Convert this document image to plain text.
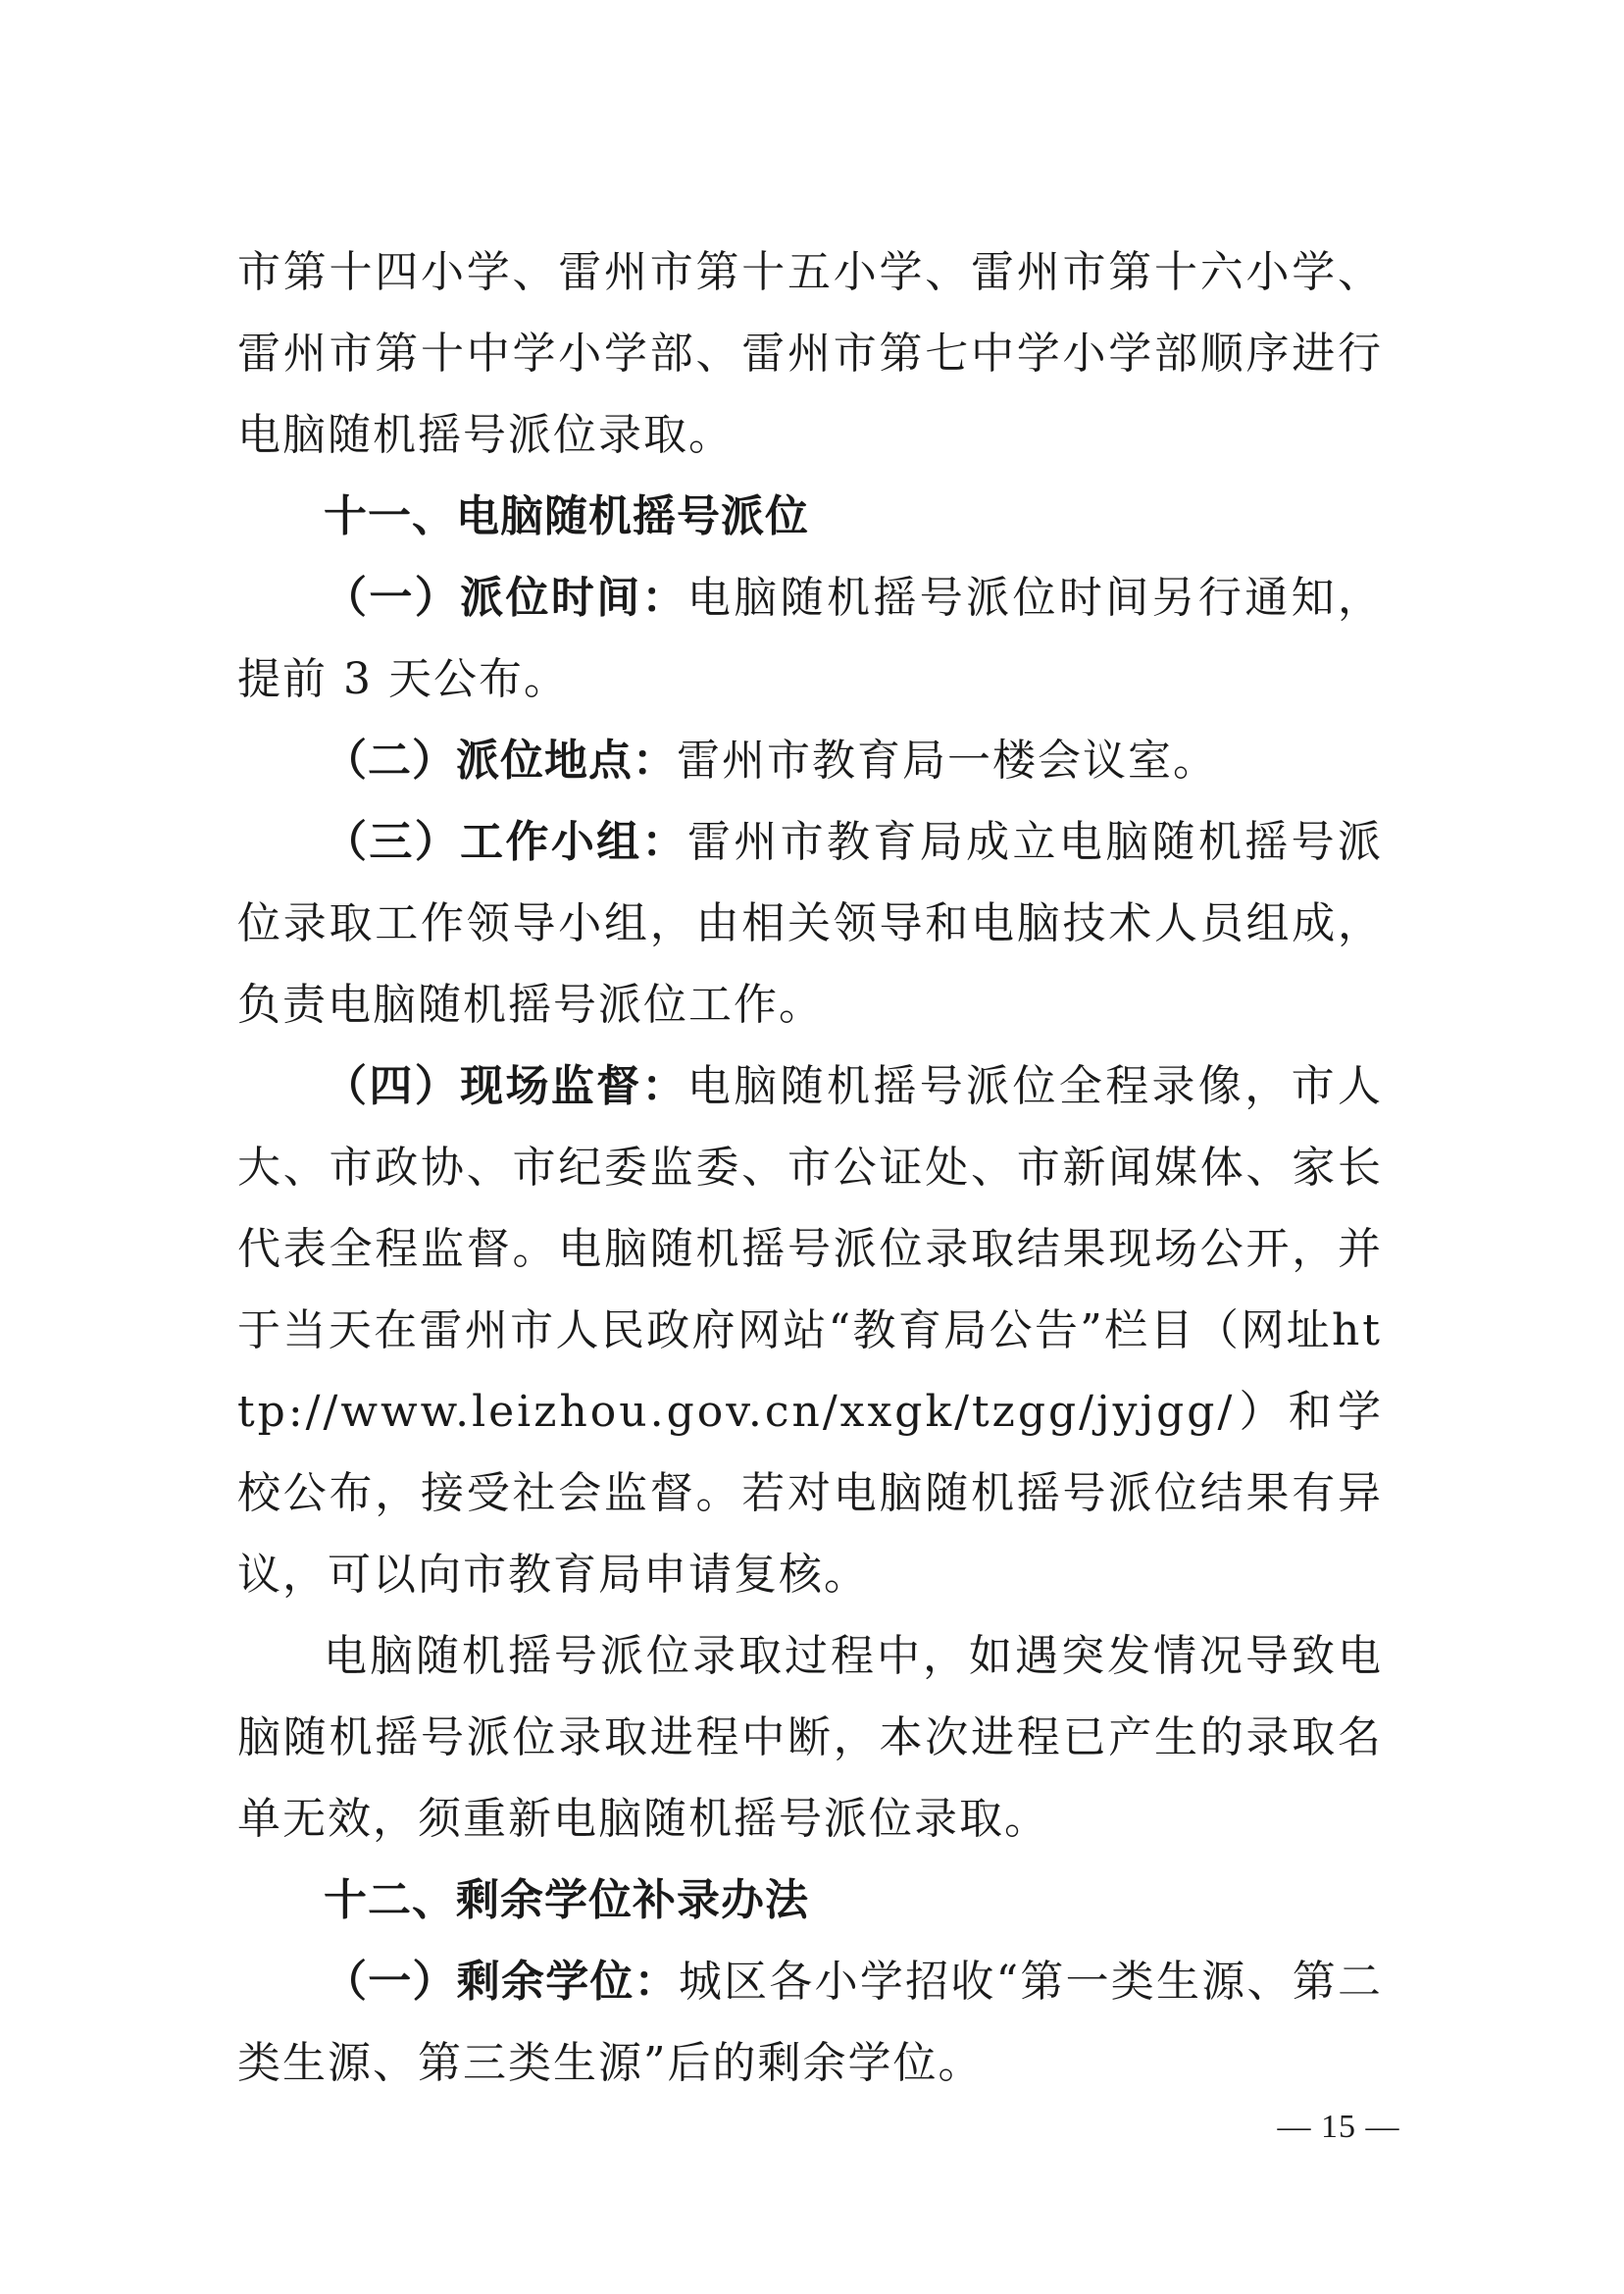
市第十四小学、雷州市第十五小学、雷州市第十六小学、雷州市第十中学小学部、雷州市第七中学小学部顺序进行电脑随机摇号派位录取。

十一、电脑随机摇号派位

（一）派位时间：电脑随机摇号派位时间另行通知，提前 3 天公布。

（二）派位地点：雷州市教育局一楼会议室。

（三）工作小组：雷州市教育局成立电脑随机摇号派位录取工作领导小组，由相关领导和电脑技术人员组成，负责电脑随机摇号派位工作。

（四）现场监督：电脑随机摇号派位全程录像，市人大、市政协、市纪委监委、市公证处、市新闻媒体、家长代表全程监督。电脑随机摇号派位录取结果现场公开，并于当天在雷州市人民政府网站“教育局公告”栏目（网址http://www.leizhou.gov.cn/xxgk/tzgg/jyjgg/）和学校公布，接受社会监督。若对电脑随机摇号派位结果有异议，可以向市教育局申请复核。

电脑随机摇号派位录取过程中，如遇突发情况导致电脑随机摇号派位录取进程中断，本次进程已产生的录取名单无效，须重新电脑随机摇号派位录取。

十二、剩余学位补录办法

（一）剩余学位：城区各小学招收“第一类生源、第二类生源、第三类生源”后的剩余学位。

— 15 —
